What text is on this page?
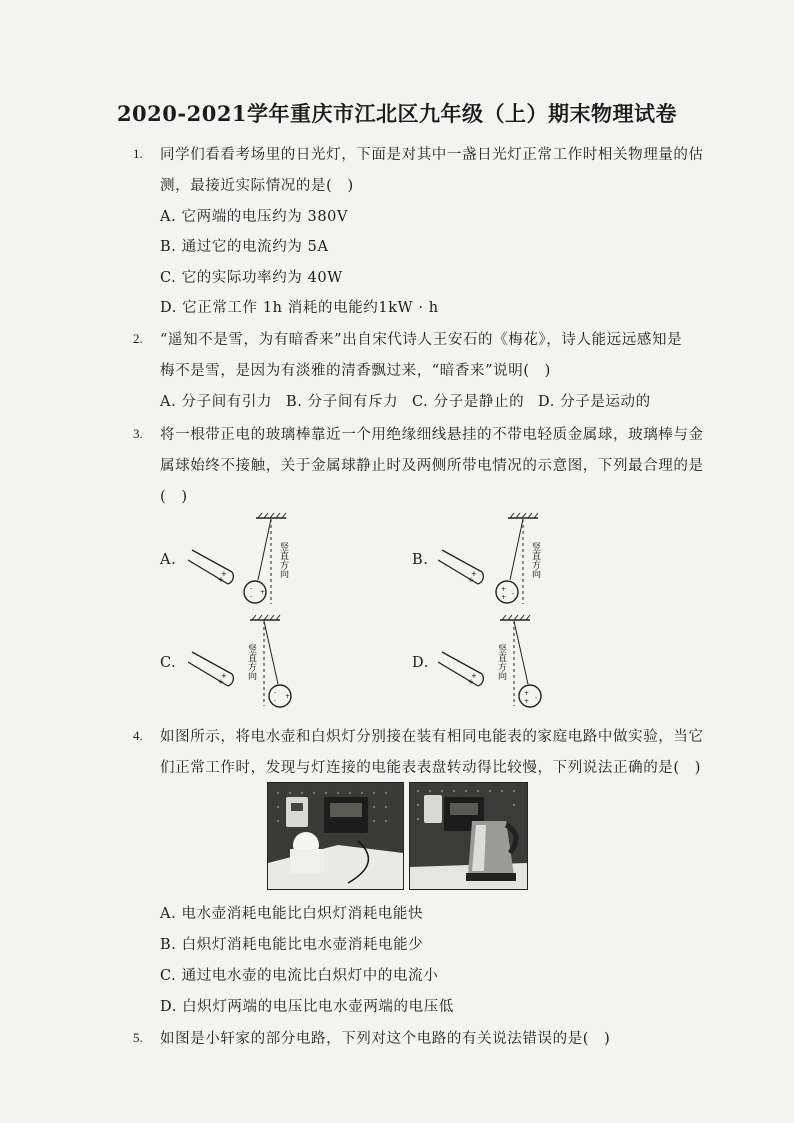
2020-2021学年重庆市江北区九年级（上）期末物理试卷
1. 同学们看看考场里的日光灯，下面是对其中一盏日光灯正常工作时相关物理量的估
测，最接近实际情况的是(　)
A. 它两端的电压约为 380V
B. 通过它的电流约为 5A
C. 它的实际功率约为 40W
D. 它正常工作 1h 消耗的电能约1kW · h
2. “遥知不是雪，为有暗香来”出自宋代诗人王安石的《梅花》，诗人能远远感知是
梅不是雪，是因为有淡雅的清香飘过来，“暗香来”说明(　)
A. 分子间有引力 B. 分子间有斥力 C. 分子是静止的 D. 分子是运动的
3. 将一根带正电的玻璃棒靠近一个用绝缘细线悬挂的不带电轻质金属球，玻璃棒与金
属球始终不接触，关于金属球静止时及两侧所带电情况的示意图，下列最合理的是
(　)
A.
-
-
+
+
+
竖直方向	B.
+
+
-
+
+
竖直方向
C.
-
-
+
+
+
竖直方向	D.
+
+
-
+
+
竖直方向
4. 如图所示，将电水壶和白炽灯分别接在装有相同电能表的家庭电路中做实验，当它
们正常工作时，发现与灯连接的电能表表盘转动得比较慢，下列说法正确的是(　)
A. 电水壶消耗电能比白炽灯消耗电能快
B. 白炽灯消耗电能比电水壶消耗电能少
C. 通过电水壶的电流比白炽灯中的电流小
D. 白炽灯两端的电压比电水壶两端的电压低
5. 如图是小轩家的部分电路，下列对这个电路的有关说法错误的是(　)
